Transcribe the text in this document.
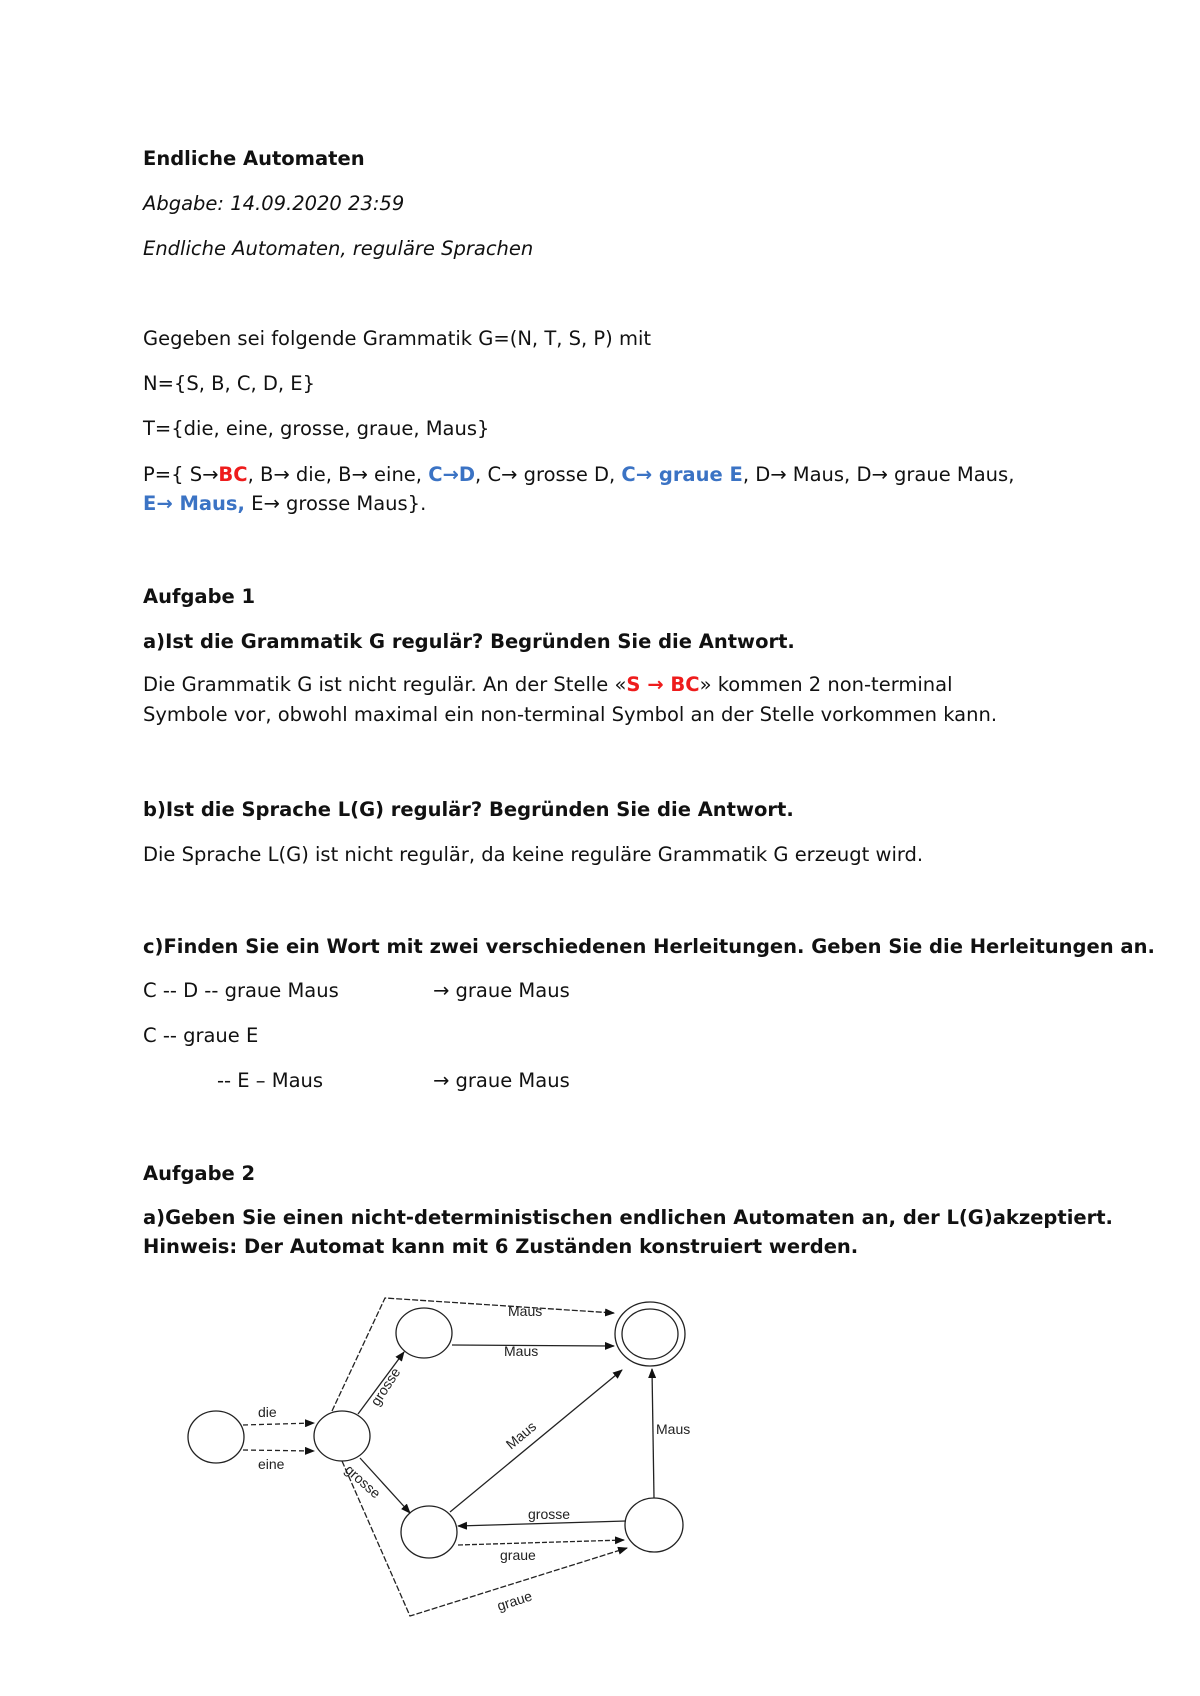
Endliche Automaten
Abgabe: 14.09.2020 23:59
Endliche Automaten, reguläre Sprachen
Gegeben sei folgende Grammatik G=(N, T, S, P) mit
N={S, B, C, D, E}
T={die, eine, grosse, graue, Maus}
P={ S→BC, B→ die, B→ eine, C→D, C→ grosse D, C→ graue E, D→ Maus, D→ graue Maus,
E→ Maus, E→ grosse Maus}.
Aufgabe 1
a)Ist die Grammatik G regulär? Begründen Sie die Antwort.
Die Grammatik G ist nicht regulär. An der Stelle «S → BC» kommen 2 non-terminal
Symbole vor, obwohl maximal ein non-terminal Symbol an der Stelle vorkommen kann.
b)Ist die Sprache L(G) regulär? Begründen Sie die Antwort.
Die Sprache L(G) ist nicht regulär, da keine reguläre Grammatik G erzeugt wird.
c)Finden Sie ein Wort mit zwei verschiedenen Herleitungen. Geben Sie die Herleitungen an.
C -- D -- graue Maus	→ graue Maus
C -- graue E
-- E – Maus	→ graue Maus
Aufgabe 2
a)Geben Sie einen nicht-deterministischen endlichen Automaten an, der L(G)akzeptiert.
Hinweis: Der Automat kann mit 6 Zuständen konstruiert werden.
Maus
Maus
die
eine
grosse
grosse
Maus	Maus
grosse
graue
graue
